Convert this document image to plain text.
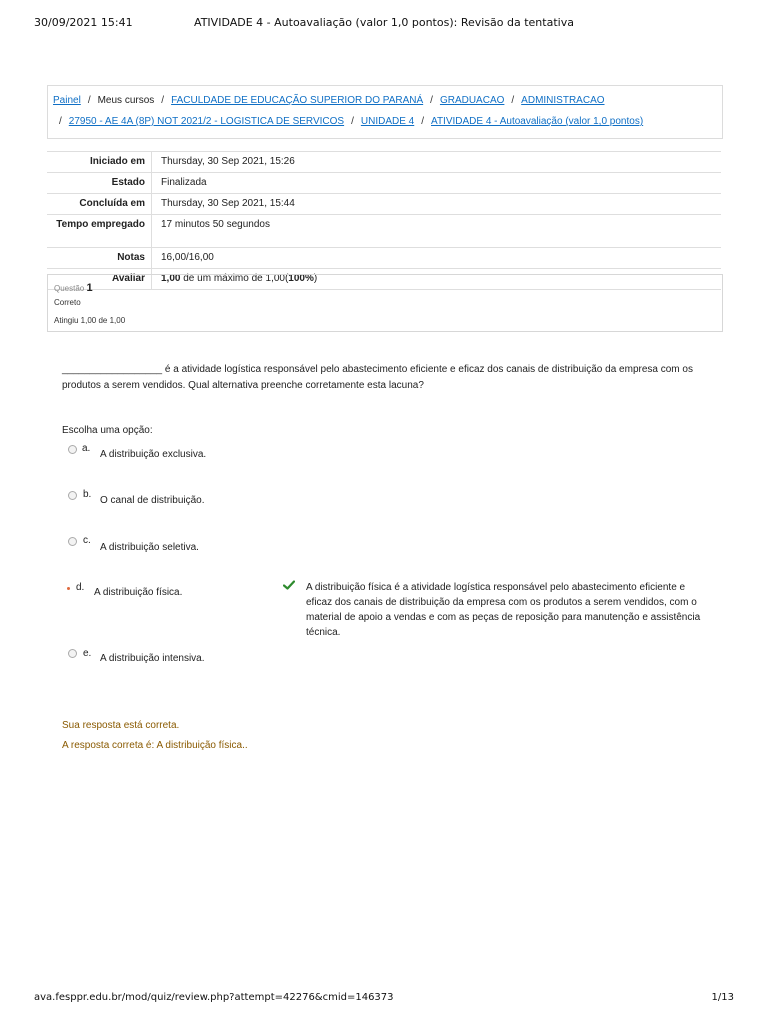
30/09/2021 15:41	ATIVIDADE 4 - Autoavaliação (valor 1,0 pontos): Revisão da tentativa
Painel / Meus cursos / FACULDADE DE EDUCAÇÃO SUPERIOR DO PARANÁ / GRADUACAO / ADMINISTRACAO
/ 27950 - AE 4A (8P) NOT 2021/2 - LOGISTICA DE SERVICOS / UNIDADE 4 / ATIVIDADE 4 - Autoavaliação (valor 1,0 pontos)
Iniciado em	Thursday, 30 Sep 2021, 15:26
Estado	Finalizada
Concluída em	Thursday, 30 Sep 2021, 15:44
Tempo empregado	17 minutos 50 segundos
Notas	16,00/16,00
Avaliar	1,00 de um máximo de 1,00(100%)
Questão 1
Correto
Atingiu 1,00 de 1,00
__________________ é a atividade logística responsável pelo abastecimento eficiente e eficaz dos canais de distribuição da empresa com os produtos a serem vendidos. Qual alternativa preenche corretamente esta lacuna?
Escolha uma opção:
a.
A distribuição exclusiva.
b.
O canal de distribuição.
c.
A distribuição seletiva.
d. A distribuição física.
e. A distribuição intensiva.
A distribuição física é a atividade logística responsável pelo abastecimento eficiente e eficaz dos canais de distribuição da empresa com os produtos a serem vendidos, com o material de apoio a vendas e com as peças de reposição para manutenção e assistência técnica.
Sua resposta está correta.
A resposta correta é: A distribuição física..
ava.fesppr.edu.br/mod/quiz/review.php?attempt=42276&cmid=146373	1/13
